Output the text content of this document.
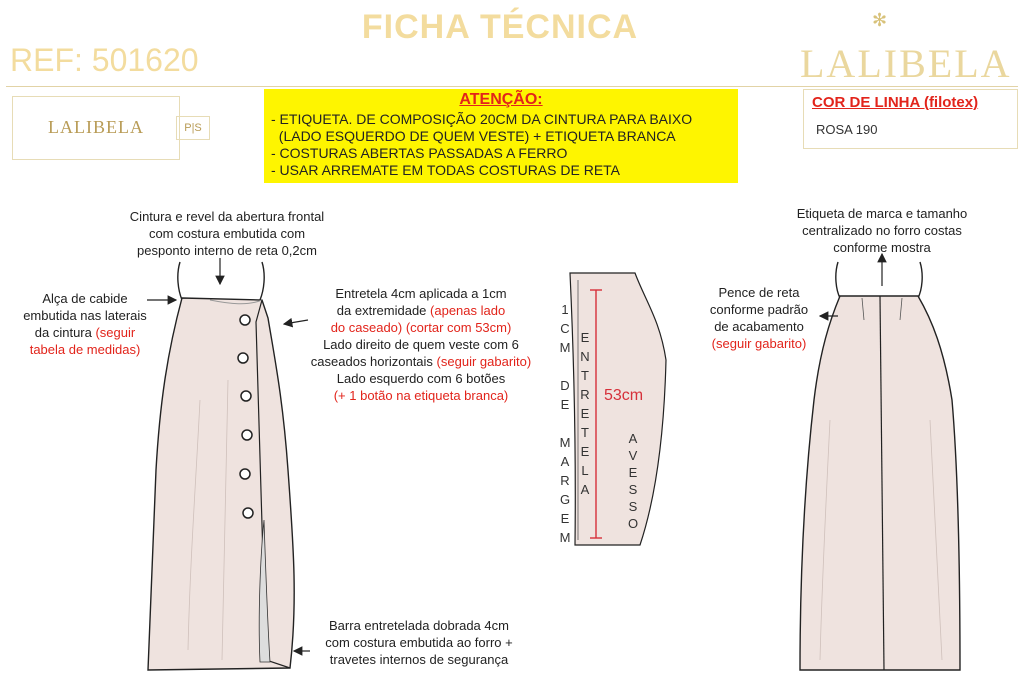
FICHA TÉCNICA
REF: 501620
✻
LALIBELA
LALIBELA	P|S
ATENÇÃO:
- ETIQUETA. DE COMPOSIÇÃO 20CM DA CINTURA PARA BAIXO
(LADO ESQUERDO DE QUEM VESTE) + ETIQUETA BRANCA
- COSTURAS ABERTAS PASSADAS A FERRO
- USAR ARREMATE EM TODAS COSTURAS DE RETA
COR DE LINHA (filotex)
ROSA 190
Cintura e revel da abertura frontal
com costura embutida com
pesponto interno de reta 0,2cm
Alça de cabide
embutida nas laterais
da cintura (seguir
tabela de medidas)
Entretela 4cm aplicada a 1cm
da extremidade (apenas lado
do caseado) (cortar com 53cm)
Lado direito de quem veste com 6
caseados horizontais (seguir gabarito)
Lado esquerdo com 6 botões
(+ 1 botão na etiqueta branca)
Barra entretelada dobrada 4cm
com costura embutida ao forro +
travetes internos de segurança
Etiqueta de marca e tamanho
centralizado no forro costas
conforme mostra
Pence de reta
conforme padrão
de acabamento
(seguir gabarito)
1
C
M

D
E

M
A
R
G
E
M
E
N
T
R
E
T
E
L
A
A
V
E
S
S
O
53cm
